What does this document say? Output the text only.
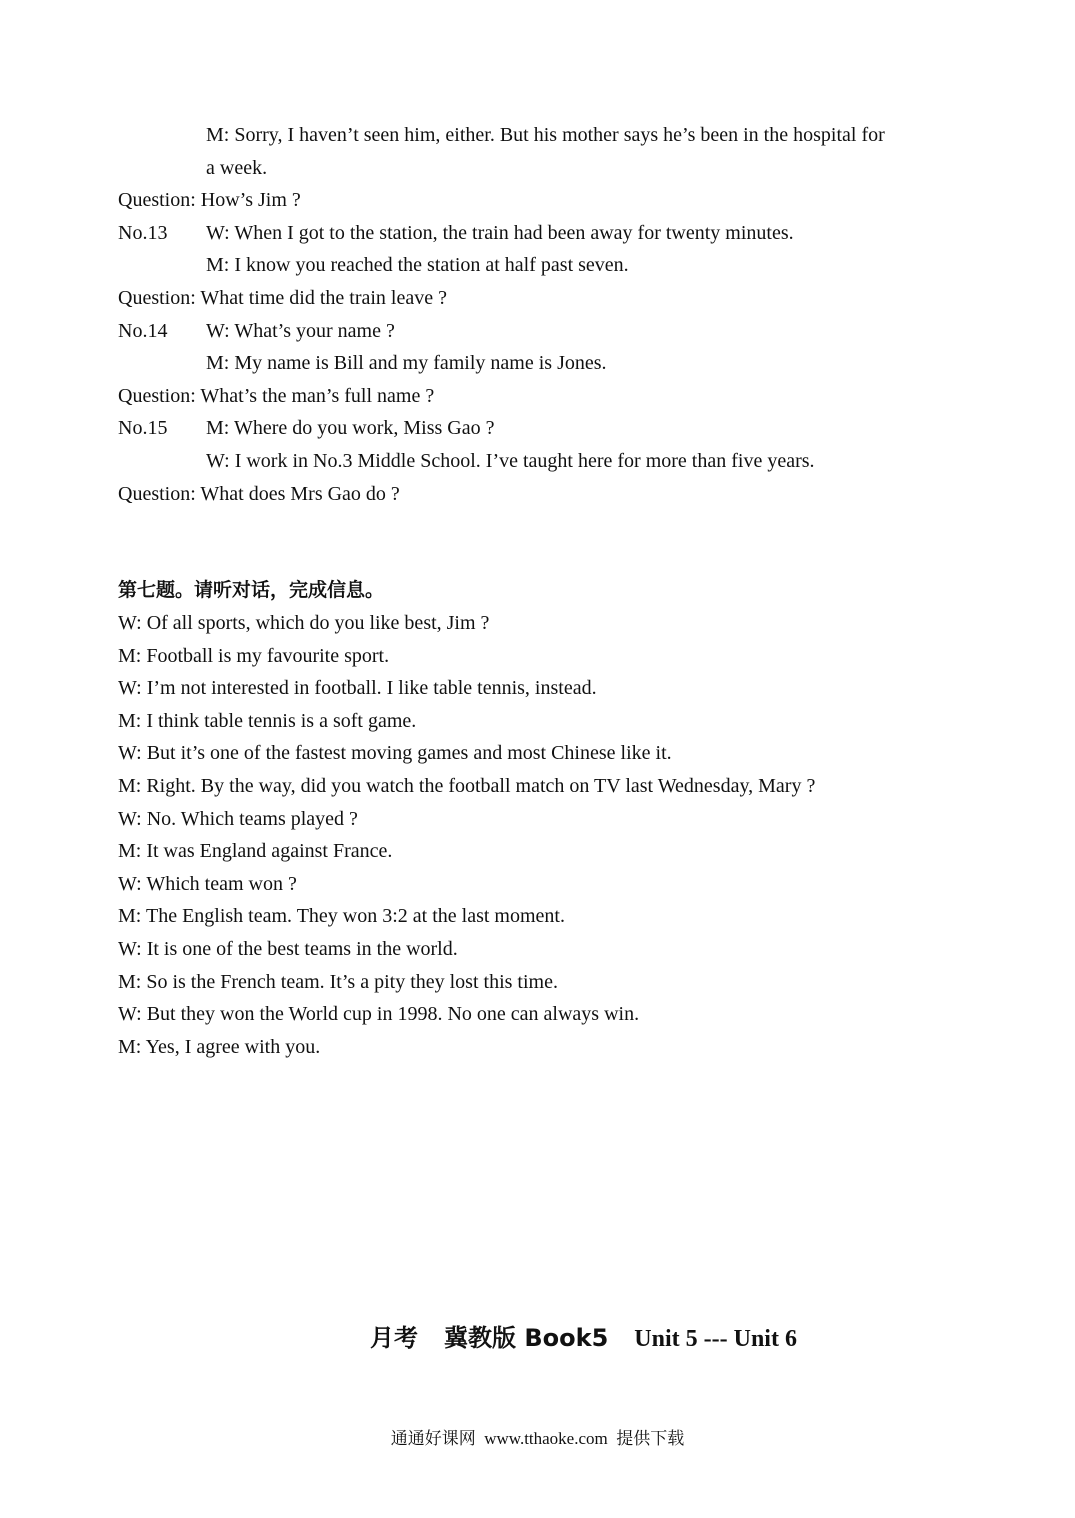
M: Sorry, I haven’t seen him, either. But his mother says he’s been in the hospital for
a week.
Question: How’s Jim ?
No.13 W: When I got to the station, the train had been away for twenty minutes.
M: I know you reached the station at half past seven.
Question: What time did the train leave ?
No.14 W: What’s your name ?
M: My name is Bill and my family name is Jones.
Question: What’s the man’s full name ?
No.15 M: Where do you work, Miss Gao ?
W: I work in No.3 Middle School. I’ve taught here for more than five years.
Question: What does Mrs Gao do ?
第七题。请听对话，完成信息。
W: Of all sports, which do you like best, Jim ?
M: Football is my favourite sport.
W: I’m not interested in football. I like table tennis, instead.
M: I think table tennis is a soft game.
W: But it’s one of the fastest moving games and most Chinese like it.
M: Right. By the way, did you watch the football match on TV last Wednesday, Mary ?
W: No. Which teams played ?
M: It was England against France.
W: Which team won ?
M: The English team. They won 3:2 at the last moment.
W: It is one of the best teams in the world.
M: So is the French team. It’s a pity they lost this time.
W: But they won the World cup in 1998. No one can always win.
M: Yes, I agree with you.
月考 冀教版 Book5 Unit 5 --- Unit 6
通通好课网 www.tthaoke.com 提供下载
